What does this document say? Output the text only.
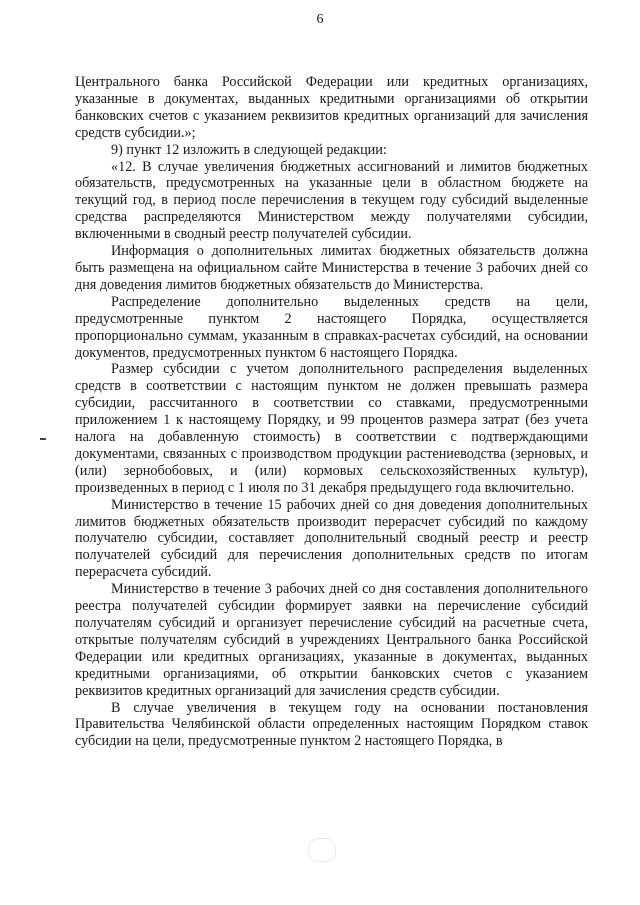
6

Центрального банка Российской Федерации или кредитных организациях, указанные в документах, выданных кредитными организациями об открытии банковских счетов с указанием реквизитов кредитных организаций для зачисления средств субсидии.»;

9) пункт 12 изложить в следующей редакции:

«12. В случае увеличения бюджетных ассигнований и лимитов бюджетных обязательств, предусмотренных на указанные цели в областном бюджете на текущий год, в период после перечисления в текущем году субсидий выделенные средства распределяются Министерством между получателями субсидии, включенными в сводный реестр получателей субсидии.

Информация о дополнительных лимитах бюджетных обязательств должна быть размещена на официальном сайте Министерства в течение 3 рабочих дней со дня доведения лимитов бюджетных обязательств до Министерства.

Распределение дополнительно выделенных средств на цели, предусмотренные пунктом 2 настоящего Порядка, осуществляется пропорционально суммам, указанным в справках-расчетах субсидий, на основании документов, предусмотренных пунктом 6 настоящего Порядка.

Размер субсидии с учетом дополнительного распределения выделенных средств в соответствии с настоящим пунктом не должен превышать размера субсидии, рассчитанного в соответствии со ставками, предусмотренными приложением 1 к настоящему Порядку, и 99 процентов размера затрат (без учета налога на добавленную стоимость) в соответствии с подтверждающими документами, связанных с производством продукции растениеводства (зерновых, и (или) зернобобовых, и (или) кормовых сельскохозяйственных культур), произведенных в период с 1 июля по 31 декабря предыдущего года включительно.

Министерство в течение 15 рабочих дней со дня доведения дополнительных лимитов бюджетных обязательств производит перерасчет субсидий по каждому получателю субсидии, составляет дополнительный сводный реестр и реестр получателей субсидий для перечисления дополнительных средств по итогам перерасчета субсидий.

Министерство в течение 3 рабочих дней со дня составления дополнительного реестра получателей субсидии формирует заявки на перечисление субсидий получателям субсидий и организует перечисление субсидий на расчетные счета, открытые получателям субсидий в учреждениях Центрального банка Российской Федерации или кредитных организациях, указанные в документах, выданных кредитными организациями, об открытии банковских счетов с указанием реквизитов кредитных организаций для зачисления средств субсидии.

В случае увеличения в текущем году на основании постановления Правительства Челябинской области определенных настоящим Порядком ставок субсидии на цели, предусмотренные пунктом 2 настоящего Порядка, в
